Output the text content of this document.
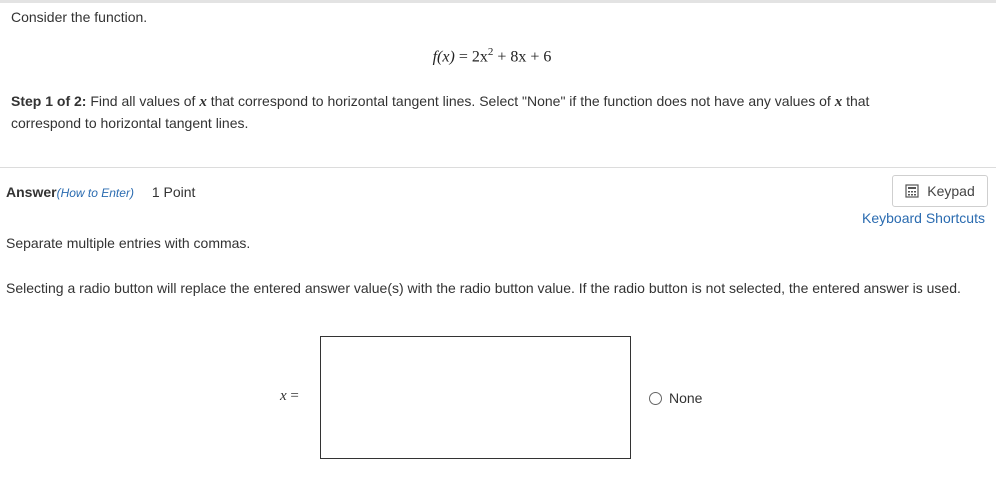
Consider the function.
$f(x) = 2x^2 + 8x + 6$
Step 1 of 2: Find all values of x that correspond to horizontal tangent lines. Select "None" if the function does not have any values of x that correspond to horizontal tangent lines.
Answer(How to Enter) 1 Point	Keypad
Keyboard Shortcuts
Separate multiple entries with commas.
Selecting a radio button will replace the entered answer value(s) with the radio button value. If the radio button is not selected, the entered answer is used.
x =	None
